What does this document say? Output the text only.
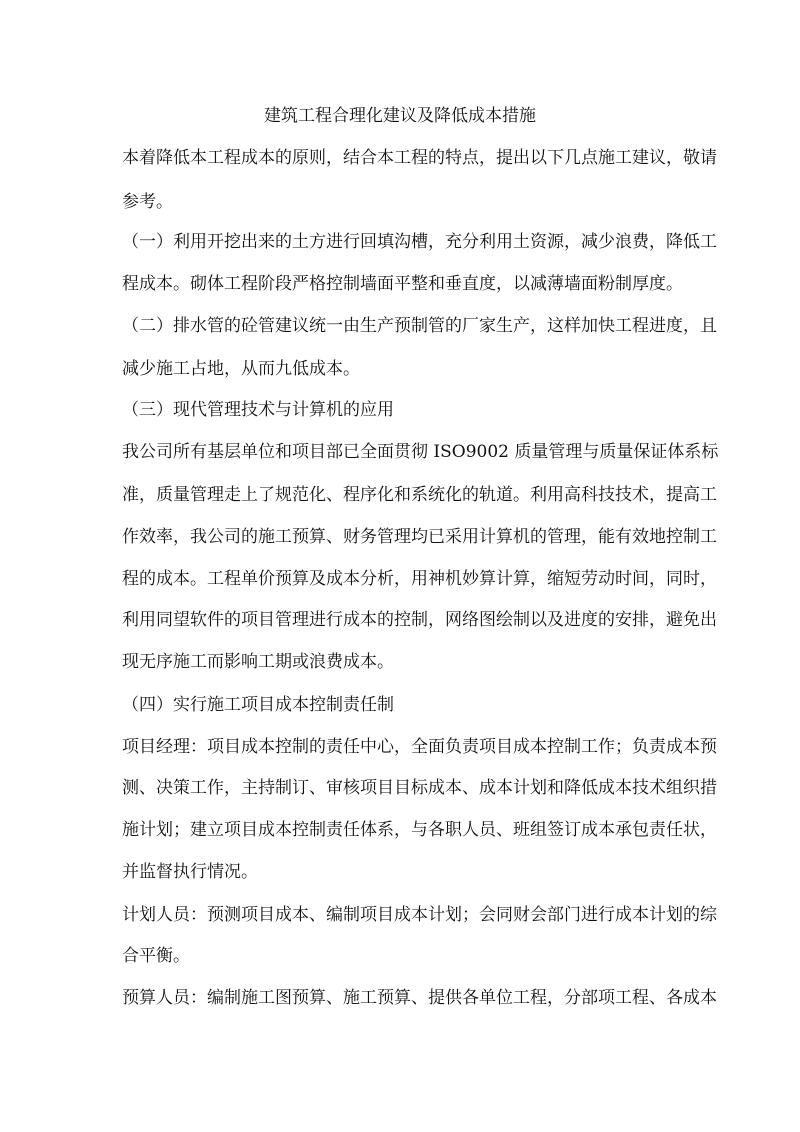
建筑工程合理化建议及降低成本措施
本着降低本工程成本的原则，结合本工程的特点，提出以下几点施工建议，敬请
参考。
（一）利用开挖出来的土方进行回填沟槽，充分利用土资源，减少浪费，降低工
程成本。砌体工程阶段严格控制墙面平整和垂直度，以减薄墙面粉制厚度。
（二）排水管的砼管建议统一由生产预制管的厂家生产，这样加快工程进度，且
减少施工占地，从而九低成本。
（三）现代管理技术与计算机的应用
我公司所有基层单位和项目部已全面贯彻 ISO9002 质量管理与质量保证体系标
准，质量管理走上了规范化、程序化和系统化的轨道。利用高科技技术，提高工
作效率，我公司的施工预算、财务管理均已采用计算机的管理，能有效地控制工
程的成本。工程单价预算及成本分析，用神机妙算计算，缩短劳动时间，同时，
利用同望软件的项目管理进行成本的控制，网络图绘制以及进度的安排，避免出
现无序施工而影响工期或浪费成本。
（四）实行施工项目成本控制责任制
项目经理：项目成本控制的责任中心，全面负责项目成本控制工作；负责成本预
测、决策工作，主持制订、审核项目目标成本、成本计划和降低成本技术组织措
施计划；建立项目成本控制责任体系，与各职人员、班组签订成本承包责任状，
并监督执行情况。
计划人员：预测项目成本、编制项目成本计划；会同财会部门进行成本计划的综
合平衡。
预算人员：编制施工图预算、施工预算、提供各单位工程，分部项工程、各成本
